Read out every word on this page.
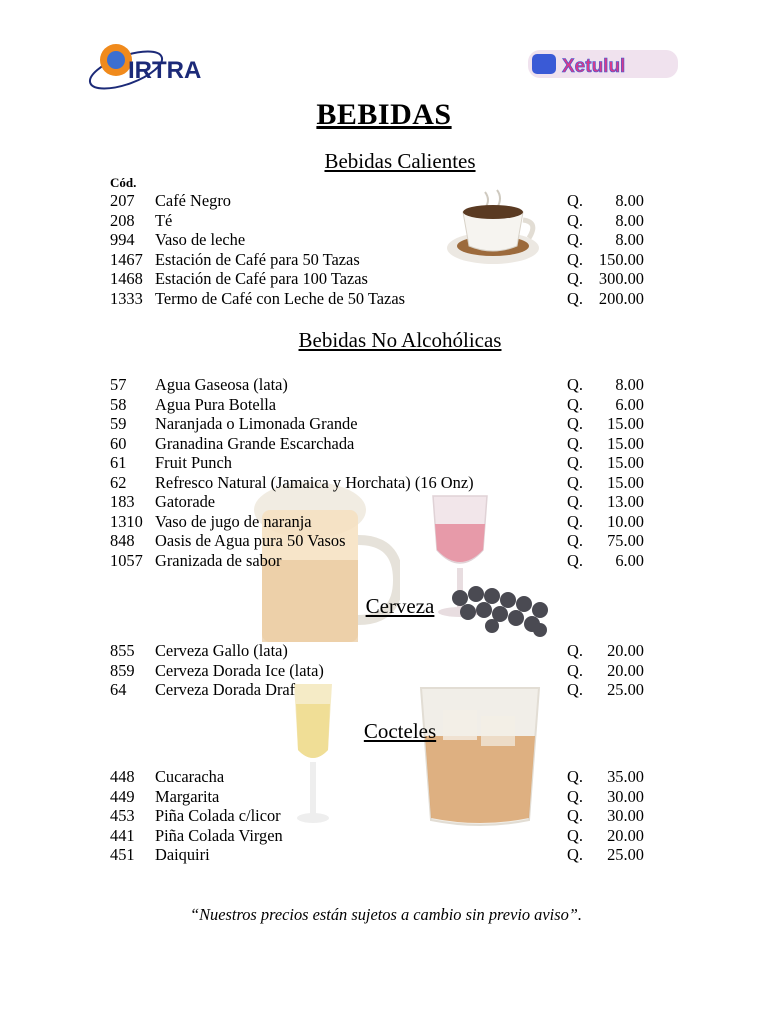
IRTRA	Xetulul
BEBIDAS
Bebidas Calientes
Cód.
207 Café Negro	Q. 8.00
208 Té	Q. 8.00
994 Vaso de leche	Q. 8.00
1467 Estación de Café para 50 Tazas	Q. 150.00
1468 Estación de Café para 100 Tazas	Q. 300.00
1333 Termo de Café con Leche de 50 Tazas	Q. 200.00
Bebidas No Alcohólicas
57 Agua Gaseosa (lata)	Q. 8.00
58 Agua Pura Botella	Q. 6.00
59 Naranjada o Limonada Grande	Q. 15.00
60 Granadina Grande Escarchada	Q. 15.00
61 Fruit Punch	Q. 15.00
62 Refresco Natural (Jamaica y Horchata) (16 Onz)	Q. 15.00
183 Gatorade	Q. 13.00
1310 Vaso de jugo de naranja	Q. 10.00
848 Oasis de Agua pura 50 Vasos	Q. 75.00
1057 Granizada de sabor	Q. 6.00
Cerveza
855 Cerveza Gallo (lata)	Q. 20.00
859 Cerveza Dorada Ice (lata)	Q. 20.00
64 Cerveza Dorada Draf	Q. 25.00
Cocteles
448 Cucaracha	Q. 35.00
449 Margarita	Q. 30.00
453 Piña Colada c/licor	Q. 30.00
441 Piña Colada Virgen	Q. 20.00
451 Daiquiri	Q. 25.00
“Nuestros precios están sujetos a cambio sin previo aviso”.
